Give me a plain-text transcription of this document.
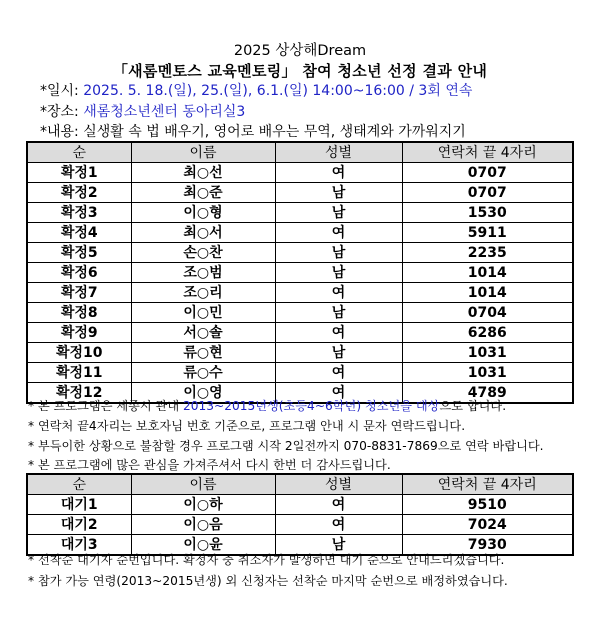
2025 상상해Dream
「새롬멘토스 교육멘토링」 참여 청소년 선정 결과 안내
*일시: 2025. 5. 18.(일), 25.(일), 6.1.(일) 14:00~16:00 / 3회 연속
*장소: 새롬청소년센터 동아리실3
*내용: 실생활 속 법 배우기, 영어로 배우는 무역, 생태계와 가까워지기
순	이름	성별	연락처 끝 4자리
확정1	최○선	여	0707
확정2	최○준	남	0707
확정3	이○형	남	1530
확정4	최○서	여	5911
확정5	손○찬	남	2235
확정6	조○범	남	1014
확정7	조○리	여	1014
확정8	이○민	남	0704
확정9	서○솔	여	6286
확정10	류○현	남	1031
확정11	류○수	여	1031
확정12	이○영	여	4789
* 본 프로그램은 세종시 관내 2013~2015년생(초등4~6학년) 청소년을 대상으로 합니다.
* 연락처 끝4자리는 보호자님 번호 기준으로, 프로그램 안내 시 문자 연락드립니다.
* 부득이한 상황으로 불참할 경우 프로그램 시작 2일전까지 070-8831-7869으로 연락 바랍니다.
* 본 프로그램에 많은 관심을 가져주셔서 다시 한번 더 감사드립니다.
순	이름	성별	연락처 끝 4자리
대기1	이○하	여	9510
대기2	이○음	여	7024
대기3	이○윤	남	7930
* 선착순 대기자 순번입니다. 확정자 중 취소자가 발생하면 대기 순으로 안내드리겠습니다.
* 참가 가능 연령(2013~2015년생) 외 신청자는 선착순 마지막 순번으로 배정하였습니다.
